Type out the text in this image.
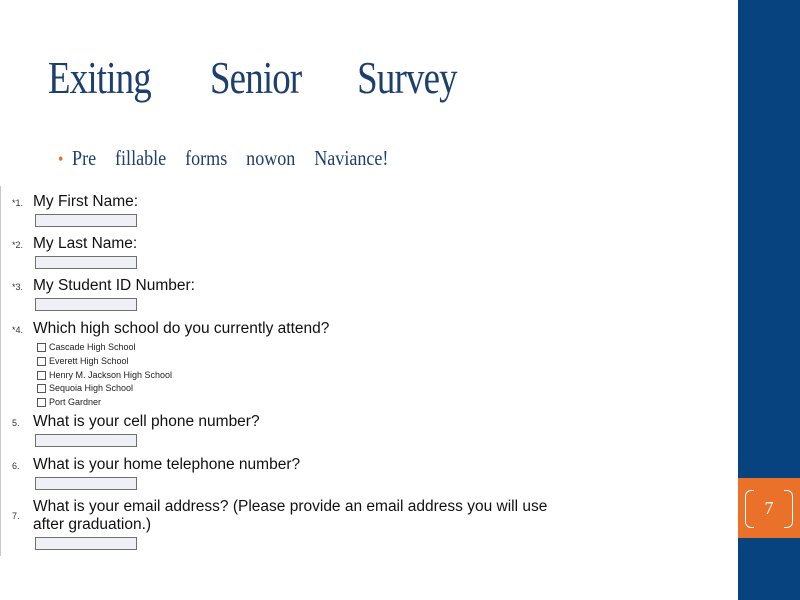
7
Exiting Senior Survey
• Pre fillable forms nowon Naviance!
*1. My First Name:
*2. My Last Name:
*3. My Student ID Number:
*4. Which high school do you currently attend?
Cascade High School
Everett High School
Henry M. Jackson High School
Sequoia High School
Port Gardner
5. What is your cell phone number?
6. What is your home telephone number?
7.
What is your email address? (Please provide an email address you will use
after graduation.)
